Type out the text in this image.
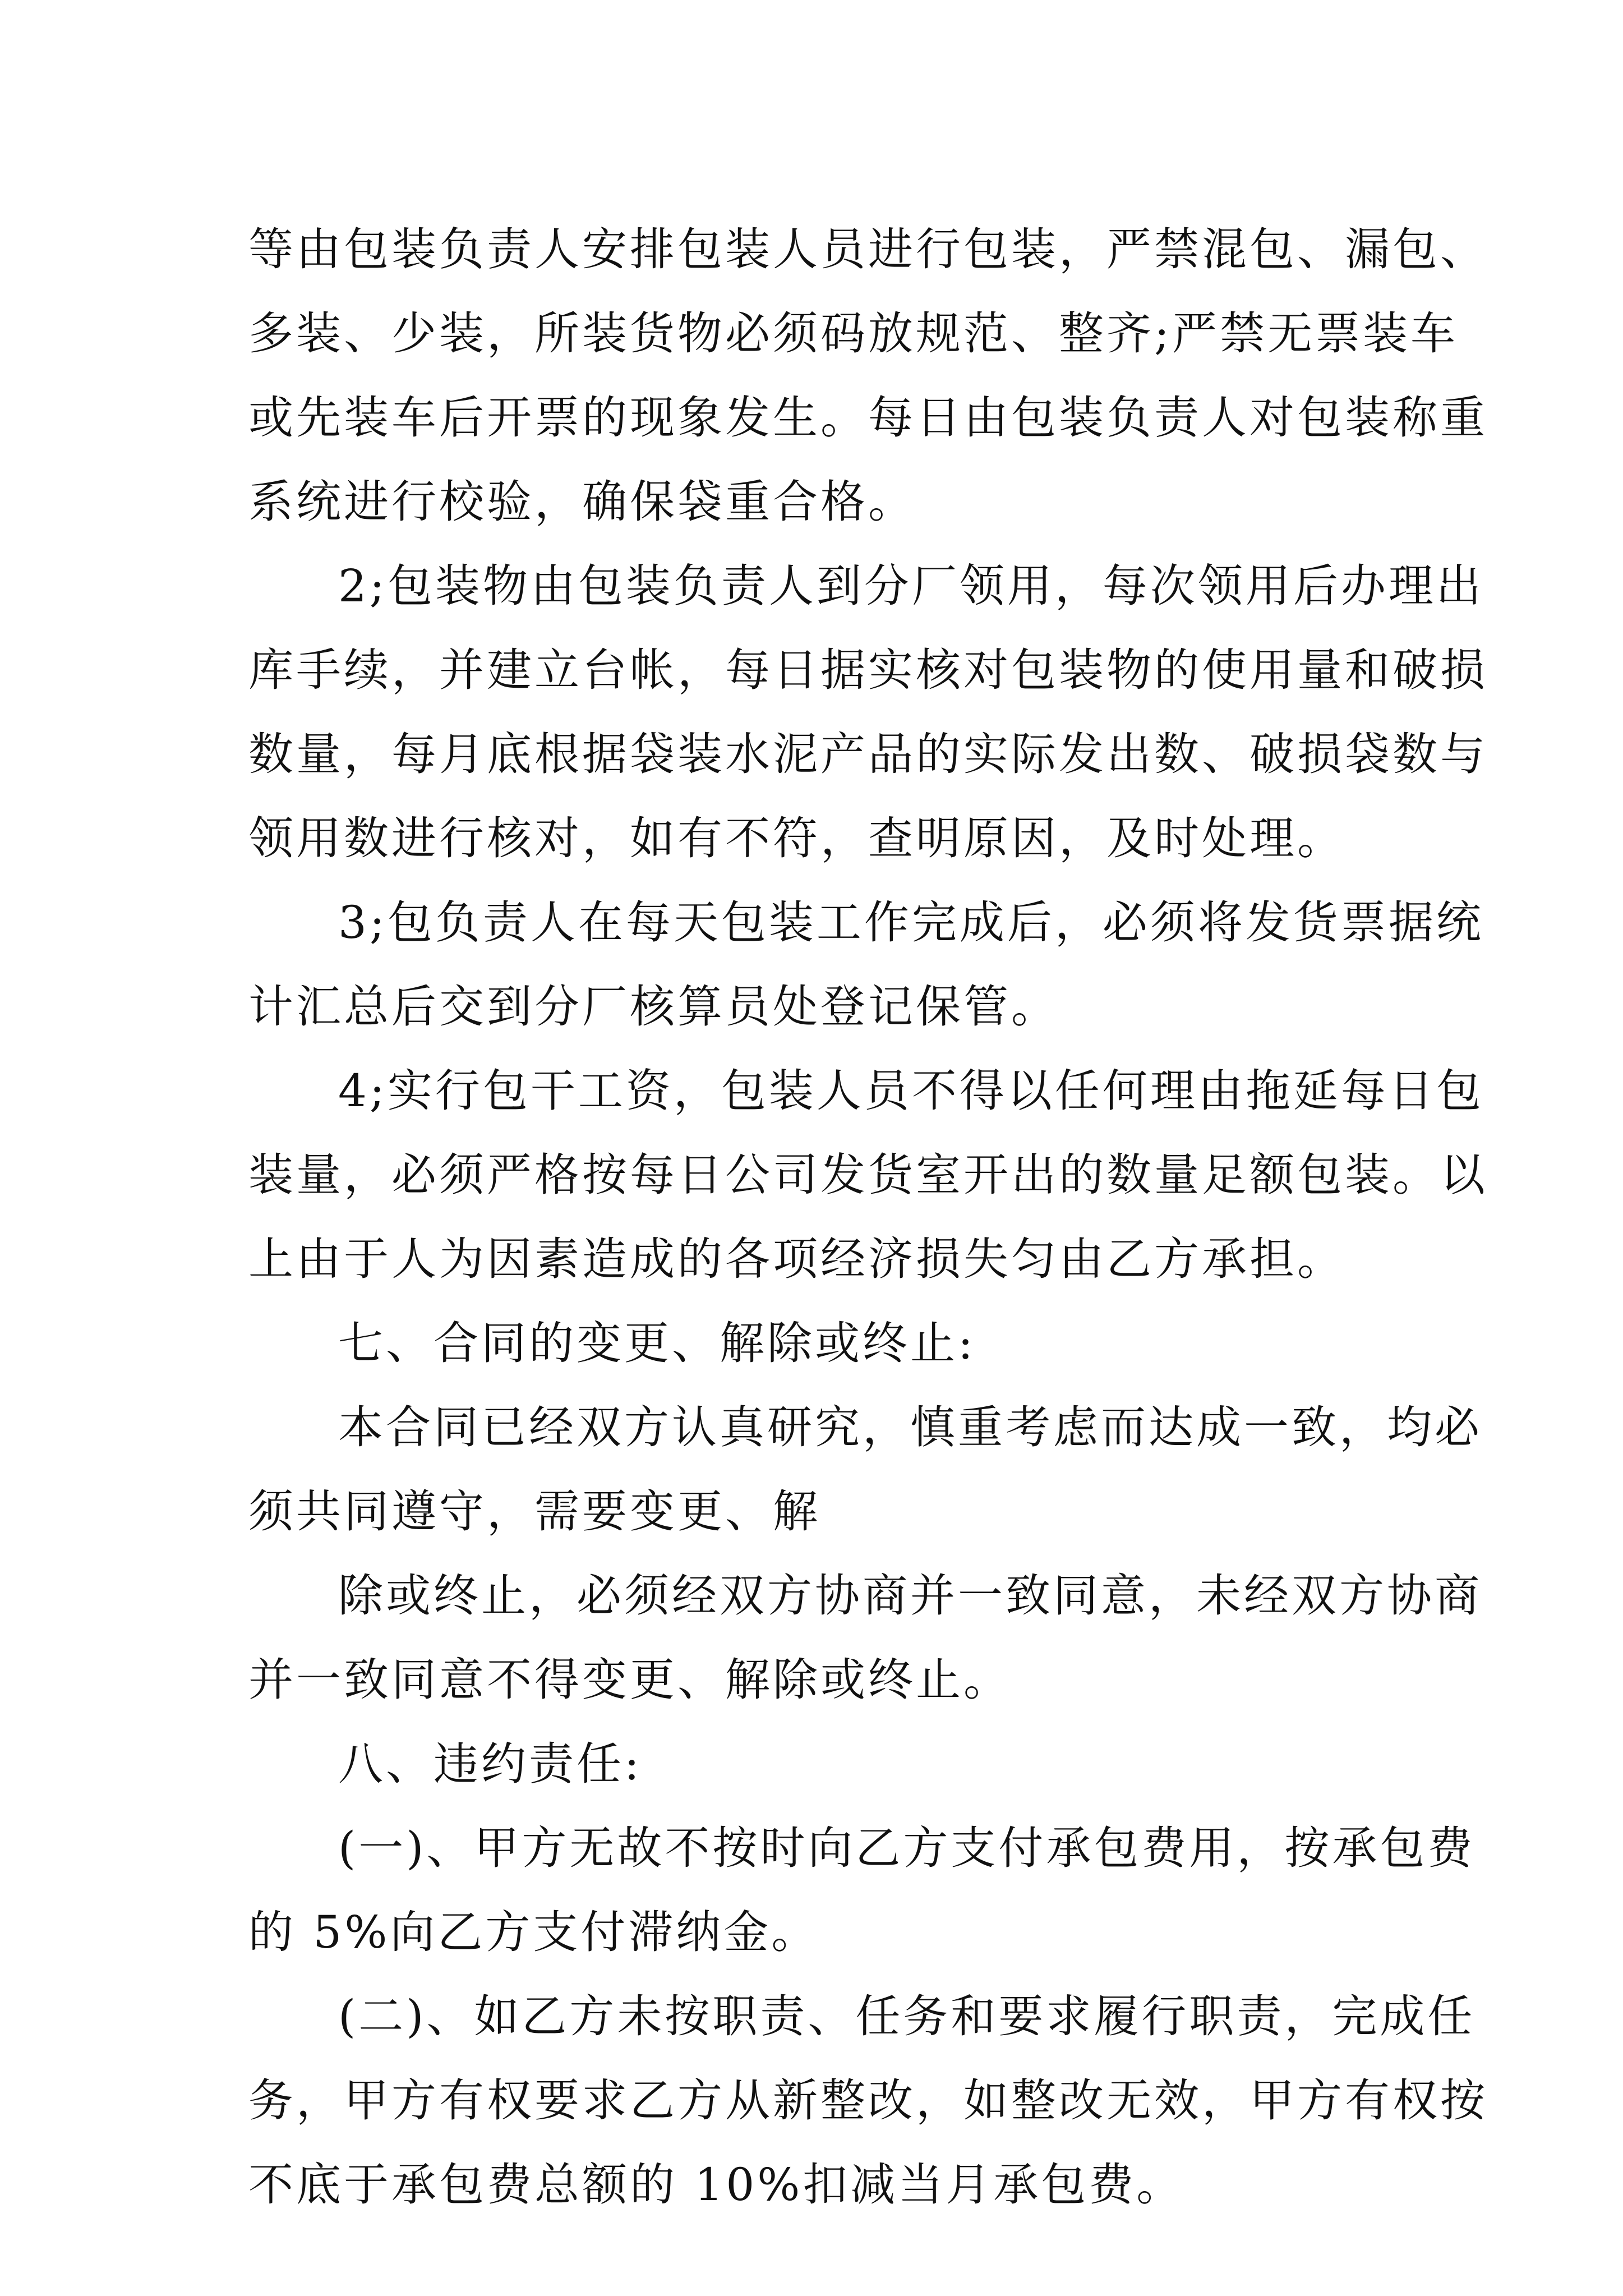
等由包装负责人安排包装人员进行包装，严禁混包、漏包、
多装、少装，所装货物必须码放规范、整齐;严禁无票装车
或先装车后开票的现象发生。每日由包装负责人对包装称重
系统进行校验，确保袋重合格。
2;包装物由包装负责人到分厂领用，每次领用后办理出
库手续，并建立台帐，每日据实核对包装物的使用量和破损
数量，每月底根据袋装水泥产品的实际发出数、破损袋数与
领用数进行核对，如有不符，查明原因，及时处理。
3;包负责人在每天包装工作完成后，必须将发货票据统
计汇总后交到分厂核算员处登记保管。
4;实行包干工资，包装人员不得以任何理由拖延每日包
装量，必须严格按每日公司发货室开出的数量足额包装。以
上由于人为因素造成的各项经济损失匀由乙方承担。
七、合同的变更、解除或终止:
本合同已经双方认真研究，慎重考虑而达成一致，均必
须共同遵守，需要变更、解
除或终止，必须经双方协商并一致同意，未经双方协商
并一致同意不得变更、解除或终止。
八、违约责任:
(一)、甲方无故不按时向乙方支付承包费用，按承包费
的 5%向乙方支付滞纳金。
(二)、如乙方未按职责、任务和要求履行职责，完成任
务，甲方有权要求乙方从新整改，如整改无效，甲方有权按
不底于承包费总额的 10%扣减当月承包费。
